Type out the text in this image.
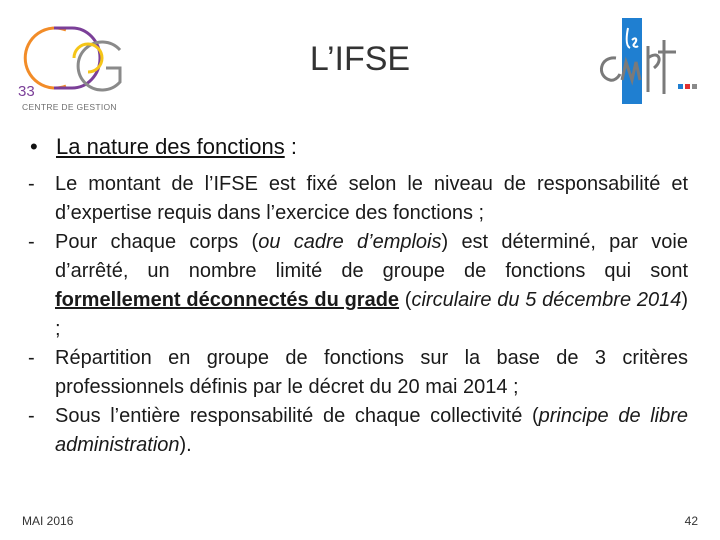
33
CENTRE DE GESTION
L’IFSE
• La nature des fonctions :
- Le montant de l’IFSE est fixé selon le niveau de responsabilité et d’expertise requis dans l’exercice des fonctions ;
- Pour chaque corps (ou cadre d’emplois) est déterminé, par voie d’arrêté, un nombre limité de groupe de fonctions qui sont formellement déconnectés du grade (circulaire du 5 décembre 2014) ;
- Répartition en groupe de fonctions sur la base de 3 critères professionnels définis par le décret du 20 mai 2014 ;
- Sous l’entière responsabilité de chaque collectivité (principe de libre administration).
MAI 2016	42
